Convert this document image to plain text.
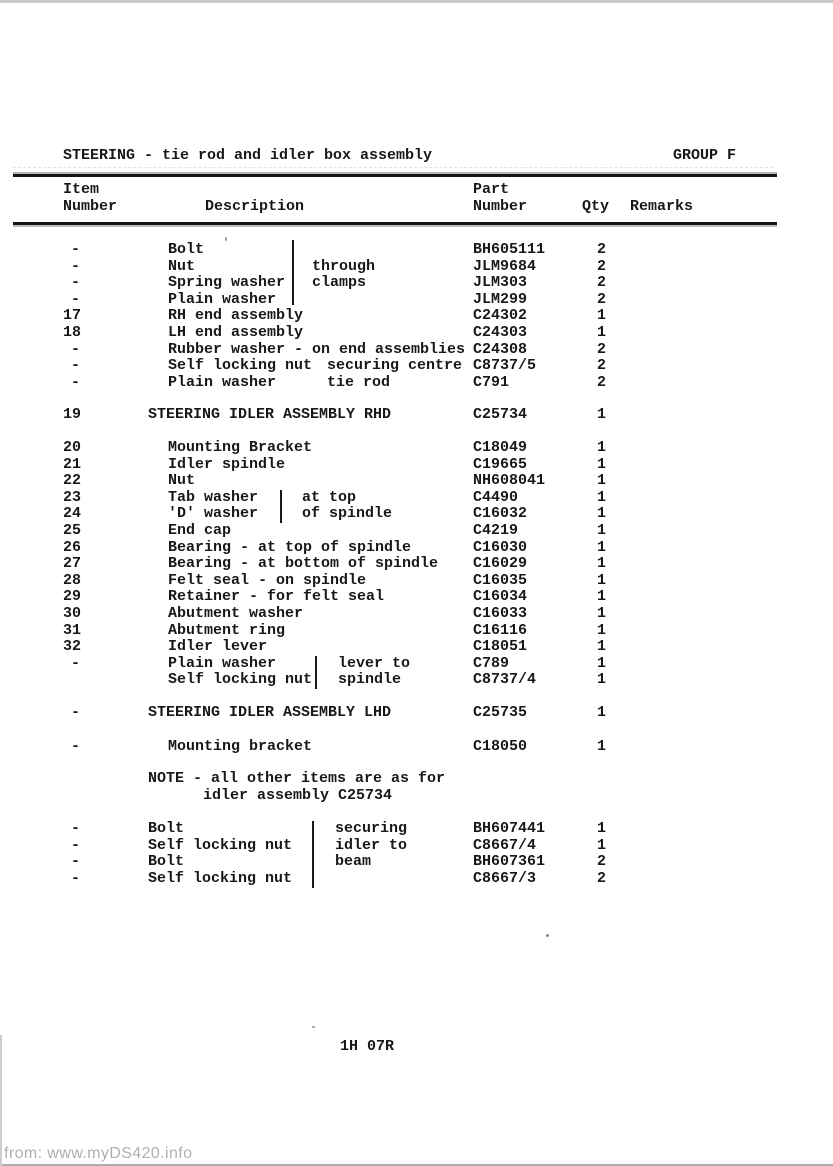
STEERING - tie rod and idler box assembly	GROUP F
Item
Number	Description
Part
Number	Qty Remarks
-	Bolt	BH605111	2
-	Nut	through	JLM9684	2
-	Spring washer clamps	JLM303	2
-	Plain washer	JLM299	2
17	RH end assembly	C24302	1
18	LH end assembly	C24303	1
-	Rubber washer - on end assemblies C24308	2
-	Self locking nut securing centre C8737/5	2
-	Plain washer	tie rod	C791	2
19	STEERING IDLER ASSEMBLY RHD	C25734	1
20	Mounting Bracket	C18049	1
21	Idler spindle	C19665	1
22	Nut	NH608041	1
23	Tab washer	at top	C4490	1
24	'D' washer	of spindle	C16032	1
25	End cap	C4219	1
26	Bearing - at top of spindle	C16030	1
27	Bearing - at bottom of spindle C16029	1
28	Felt seal - on spindle	C16035	1
29	Retainer - for felt seal	C16034	1
30	Abutment washer	C16033	1
31	Abutment ring	C16116	1
32	Idler lever	C18051	1
-	Plain washer	lever to	C789	1
Self locking nut spindle	C8737/4	1
-	STEERING IDLER ASSEMBLY LHD	C25735	1
-	Mounting bracket	C18050	1
NOTE - all other items are as for
idler assembly C25734
-	Bolt	securing	BH607441	1
-	Self locking nut	idler to	C8667/4	1
-	Bolt	beam	BH607361	2
-	Self locking nut	C8667/3	2
1H 07R
from: www.myDS420.info
